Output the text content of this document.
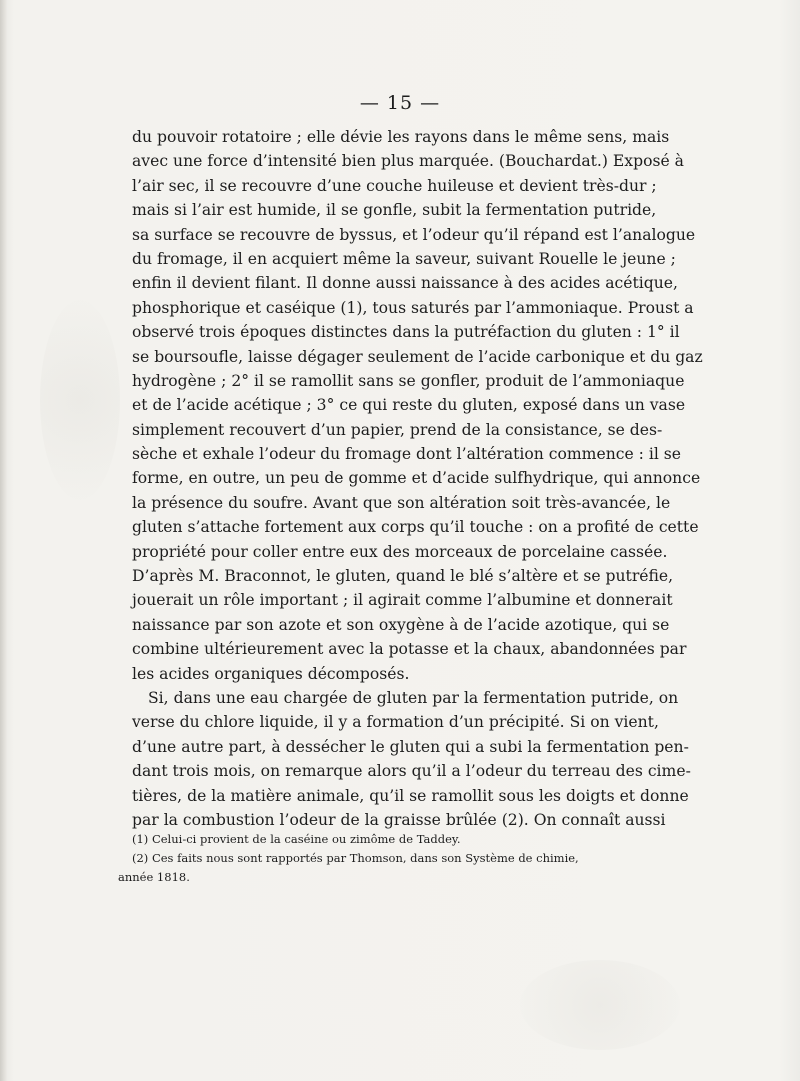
— 15 —
du pouvoir rotatoire ; elle dévie les rayons dans le même sens, mais
avec une force d’intensité bien plus marquée. (Bouchardat.) Exposé à
l’air sec, il se recouvre d’une couche huileuse et devient très-dur ;
mais si l’air est humide, il se gonfle, subit la fermentation putride,
sa surface se recouvre de byssus, et l’odeur qu’il répand est l’analogue
du fromage, il en acquiert même la saveur, suivant Rouelle le jeune ;
enfin il devient filant. Il donne aussi naissance à des acides acétique,
phosphorique et caséique (1), tous saturés par l’ammoniaque. Proust a
observé trois époques distinctes dans la putréfaction du gluten : 1° il
se boursoufle, laisse dégager seulement de l’acide carbonique et du gaz
hydrogène ; 2° il se ramollit sans se gonfler, produit de l’ammoniaque
et de l’acide acétique ; 3° ce qui reste du gluten, exposé dans un vase
simplement recouvert d’un papier, prend de la consistance, se des-
sèche et exhale l’odeur du fromage dont l’altération commence : il se
forme, en outre, un peu de gomme et d’acide sulfhydrique, qui annonce
la présence du soufre. Avant que son altération soit très-avancée, le
gluten s’attache fortement aux corps qu’il touche : on a profité de cette
propriété pour coller entre eux des morceaux de porcelaine cassée.
D’après M. Braconnot, le gluten, quand le blé s’altère et se putréfie,
jouerait un rôle important ; il agirait comme l’albumine et donnerait
naissance par son azote et son oxygène à de l’acide azotique, qui se
combine ultérieurement avec la potasse et la chaux, abandonnées par
les acides organiques décomposés.
Si, dans une eau chargée de gluten par la fermentation putride, on
verse du chlore liquide, il y a formation d’un précipité. Si on vient,
d’une autre part, à dessécher le gluten qui a subi la fermentation pen-
dant trois mois, on remarque alors qu’il a l’odeur du terreau des cime-
tières, de la matière animale, qu’il se ramollit sous les doigts et donne
par la combustion l’odeur de la graisse brûlée (2). On connaît aussi
(1) Celui-ci provient de la caséine ou zimôme de Taddey.
(2) Ces faits nous sont rapportés par Thomson, dans son Système de chimie,
année 1818.
